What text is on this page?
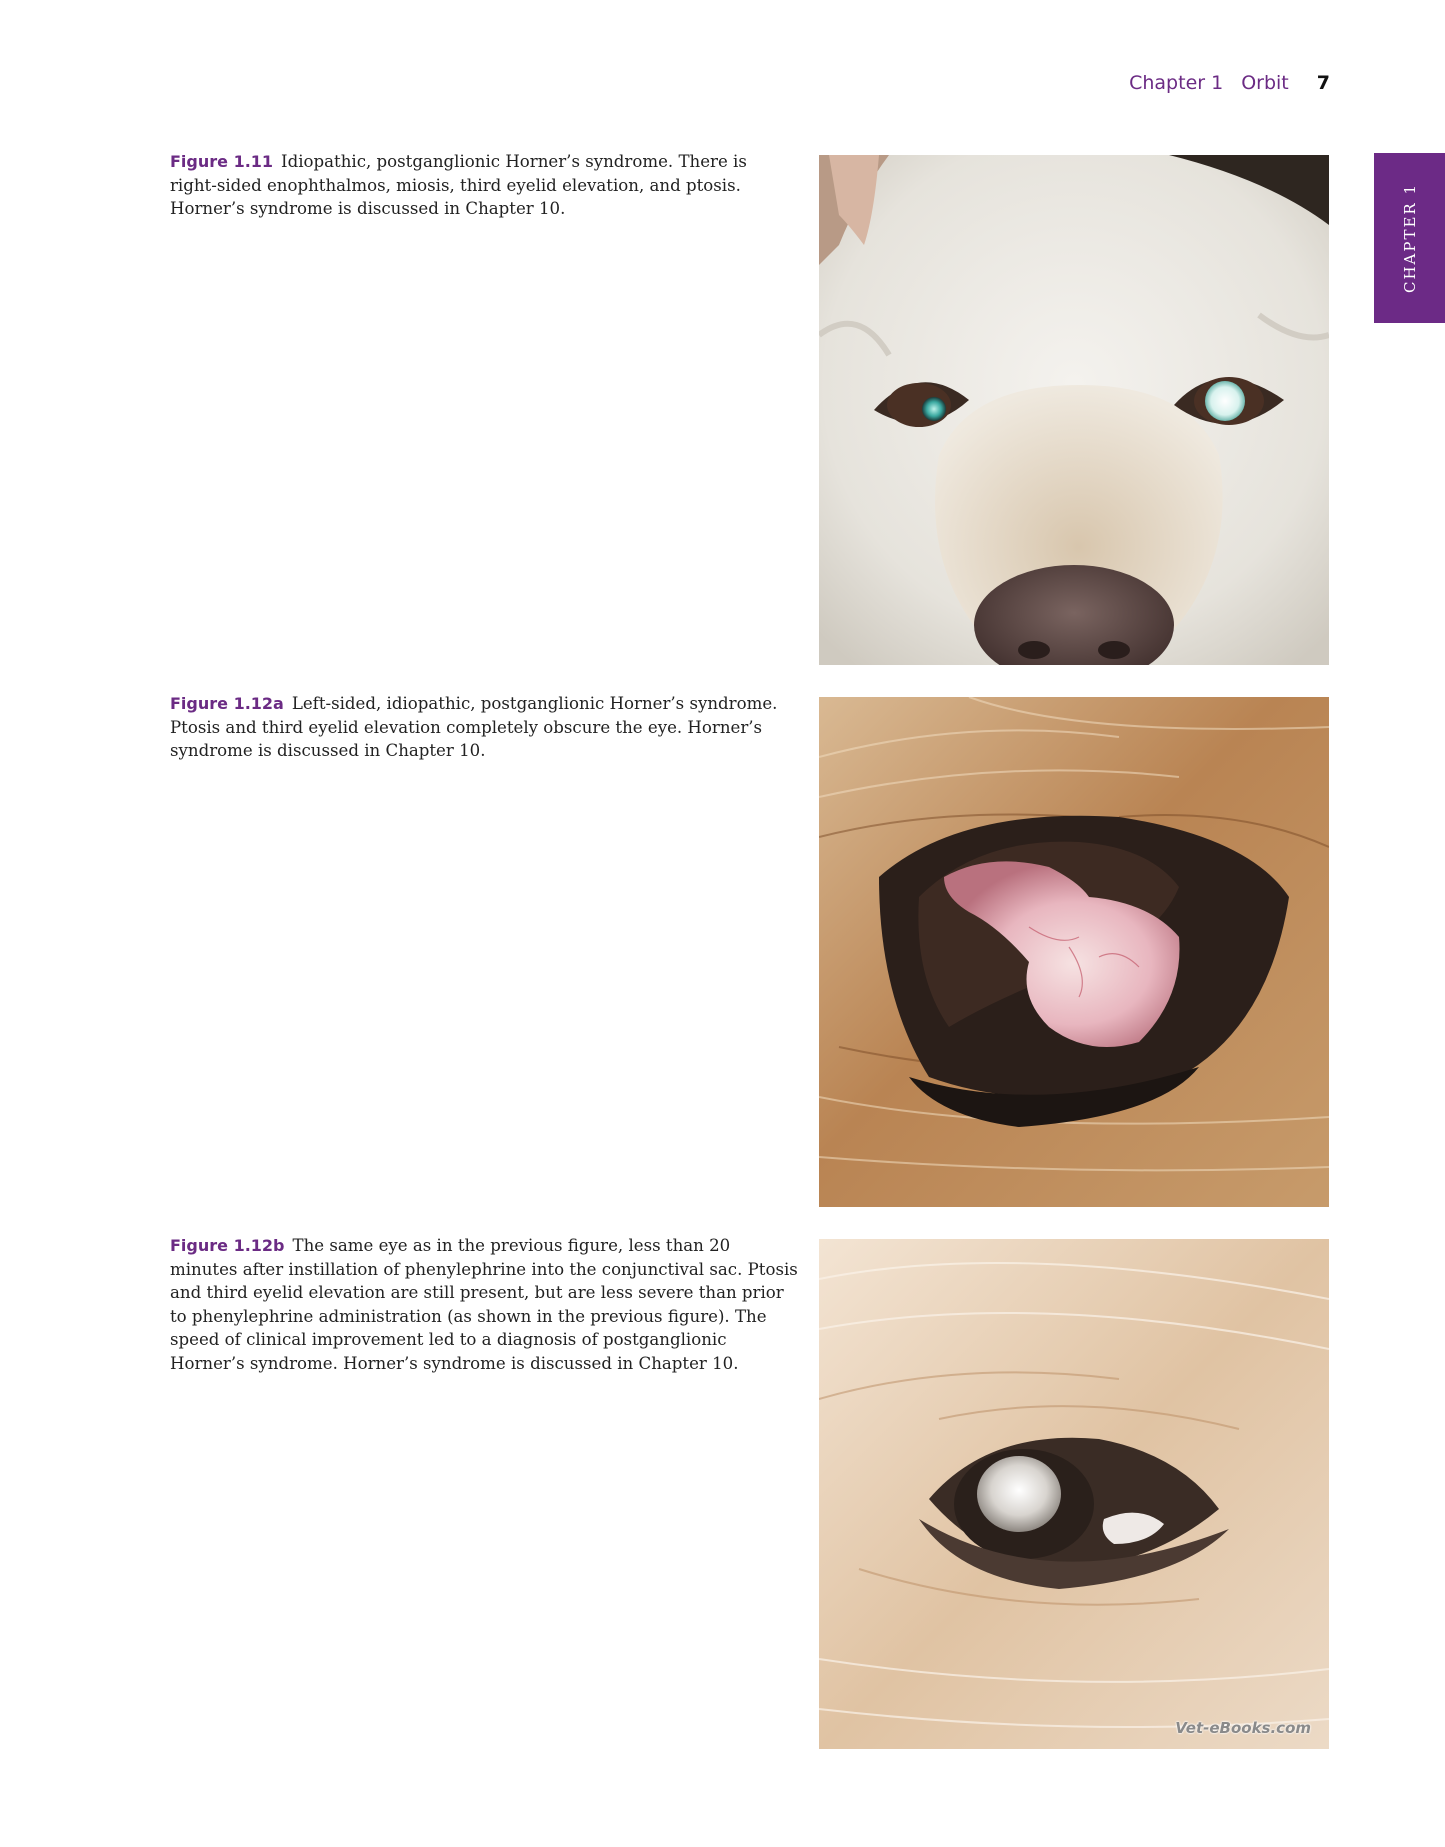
Chapter 1 Orbit 7
CHAPTER 1
Figure 1.11 Idiopathic, postganglionic Horner’s syndrome. There is right-sided enophthalmos, miosis, third eyelid elevation, and ptosis. Horner’s syndrome is discussed in Chapter 10.
Figure 1.12a Left-sided, idiopathic, postganglionic Horner’s syndrome. Ptosis and third eyelid elevation completely obscure the eye. Horner’s syndrome is discussed in Chapter 10.
Figure 1.12b The same eye as in the previous figure, less than 20 minutes after instillation of phenylephrine into the conjunctival sac. Ptosis and third eyelid elevation are still present, but are less severe than prior to phenylephrine administration (as shown in the previous figure). The speed of clinical improvement led to a diagnosis of postganglionic Horner’s syndrome. Horner’s syndrome is discussed in Chapter 10.
Vet-eBooks.com
